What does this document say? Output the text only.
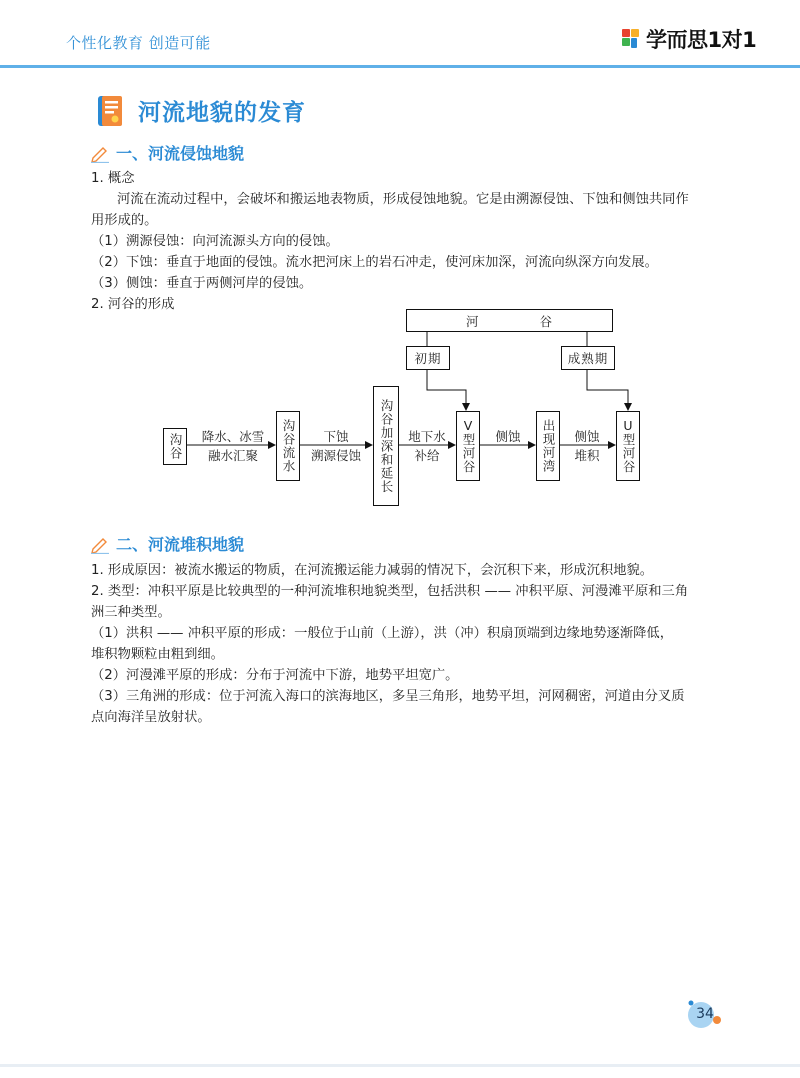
个性化教育 创造可能	学而思1对1
河流地貌的发育
一、河流侵蚀地貌

1. 概念

河流在流动过程中，会破坏和搬运地表物质，形成侵蚀地貌。它是由溯源侵蚀、下蚀和侧蚀共同作

用形成的。

（1）溯源侵蚀：向河流源头方向的侵蚀。

（2）下蚀：垂直于地面的侵蚀。流水把河床上的岩石冲走，使河床加深，河流向纵深方向发展。

（3）侧蚀：垂直于两侧河岸的侵蚀。

2. 河谷的形成

河	谷
初期	成熟期
沟谷	降水、冰雪
融水汇聚	沟谷流水	下蚀
溯源侵蚀	沟谷加深和延长	地下水
补给
V
型河谷	侧蚀	出现河湾	侧蚀
堆积
U
型河谷
二、河流堆积地貌

1. 形成原因：被流水搬运的物质，在河流搬运能力减弱的情况下，会沉积下来，形成沉积地貌。

2. 类型：冲积平原是比较典型的一种河流堆积地貌类型，包括洪积 —— 冲积平原、河漫滩平原和三角

洲三种类型。

（1）洪积 —— 冲积平原的形成：一般位于山前（上游），洪（冲）积扇顶端到边缘地势逐渐降低，

堆积物颗粒由粗到细。

（2）河漫滩平原的形成：分布于河流中下游，地势平坦宽广。

（3）三角洲的形成：位于河流入海口的滨海地区，多呈三角形，地势平坦，河网稠密，河道由分叉质

点向海洋呈放射状。

34
